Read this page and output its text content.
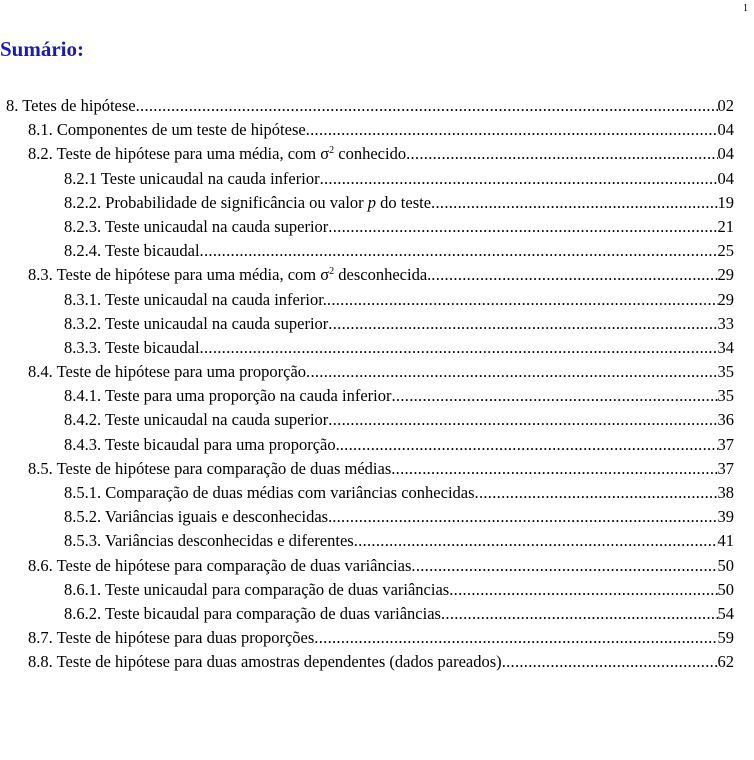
1
Sumário:
8. Tetes de hipótese .....	02
8.1. Componentes de um teste de hipótese .....	04
8.2. Teste de hipótese para uma média, com $\sigma^2$ conhecido .....	04
8.2.1 Teste unicaudal na cauda inferior .....	04
8.2.2. Probabilidade de significância ou valor p do teste .....	19
8.2.3. Teste unicaudal na cauda superior .....	21
8.2.4. Teste bicaudal .....	25
8.3. Teste de hipótese para uma média, com $\sigma^2$ desconhecida. .....	29
8.3.1. Teste unicaudal na cauda inferior. .....	29
8.3.2. Teste unicaudal na cauda superior .....	33
8.3.3. Teste bicaudal .....	34
8.4. Teste de hipótese para uma proporção .....	35
8.4.1. Teste para uma proporção na cauda inferior .....	35
8.4.2. Teste unicaudal na cauda superior .....	36
8.4.3. Teste bicaudal para uma proporção. .....	37
8.5. Teste de hipótese para comparação de duas médias .....	37
8.5.1. Comparação de duas médias com variâncias conhecidas .....	38
8.5.2. Variâncias iguais e desconhecidas. .....	39
8.5.3. Variâncias desconhecidas e diferentes .....	41
8.6. Teste de hipótese para comparação de duas variâncias .....	50
8.6.1. Teste unicaudal para comparação de duas variâncias .....	50
8.6.2. Teste bicaudal para comparação de duas variâncias .....	54
8.7. Teste de hipótese para duas proporções .....	59
8.8. Teste de hipótese para duas amostras dependentes (dados pareados) .....	62
